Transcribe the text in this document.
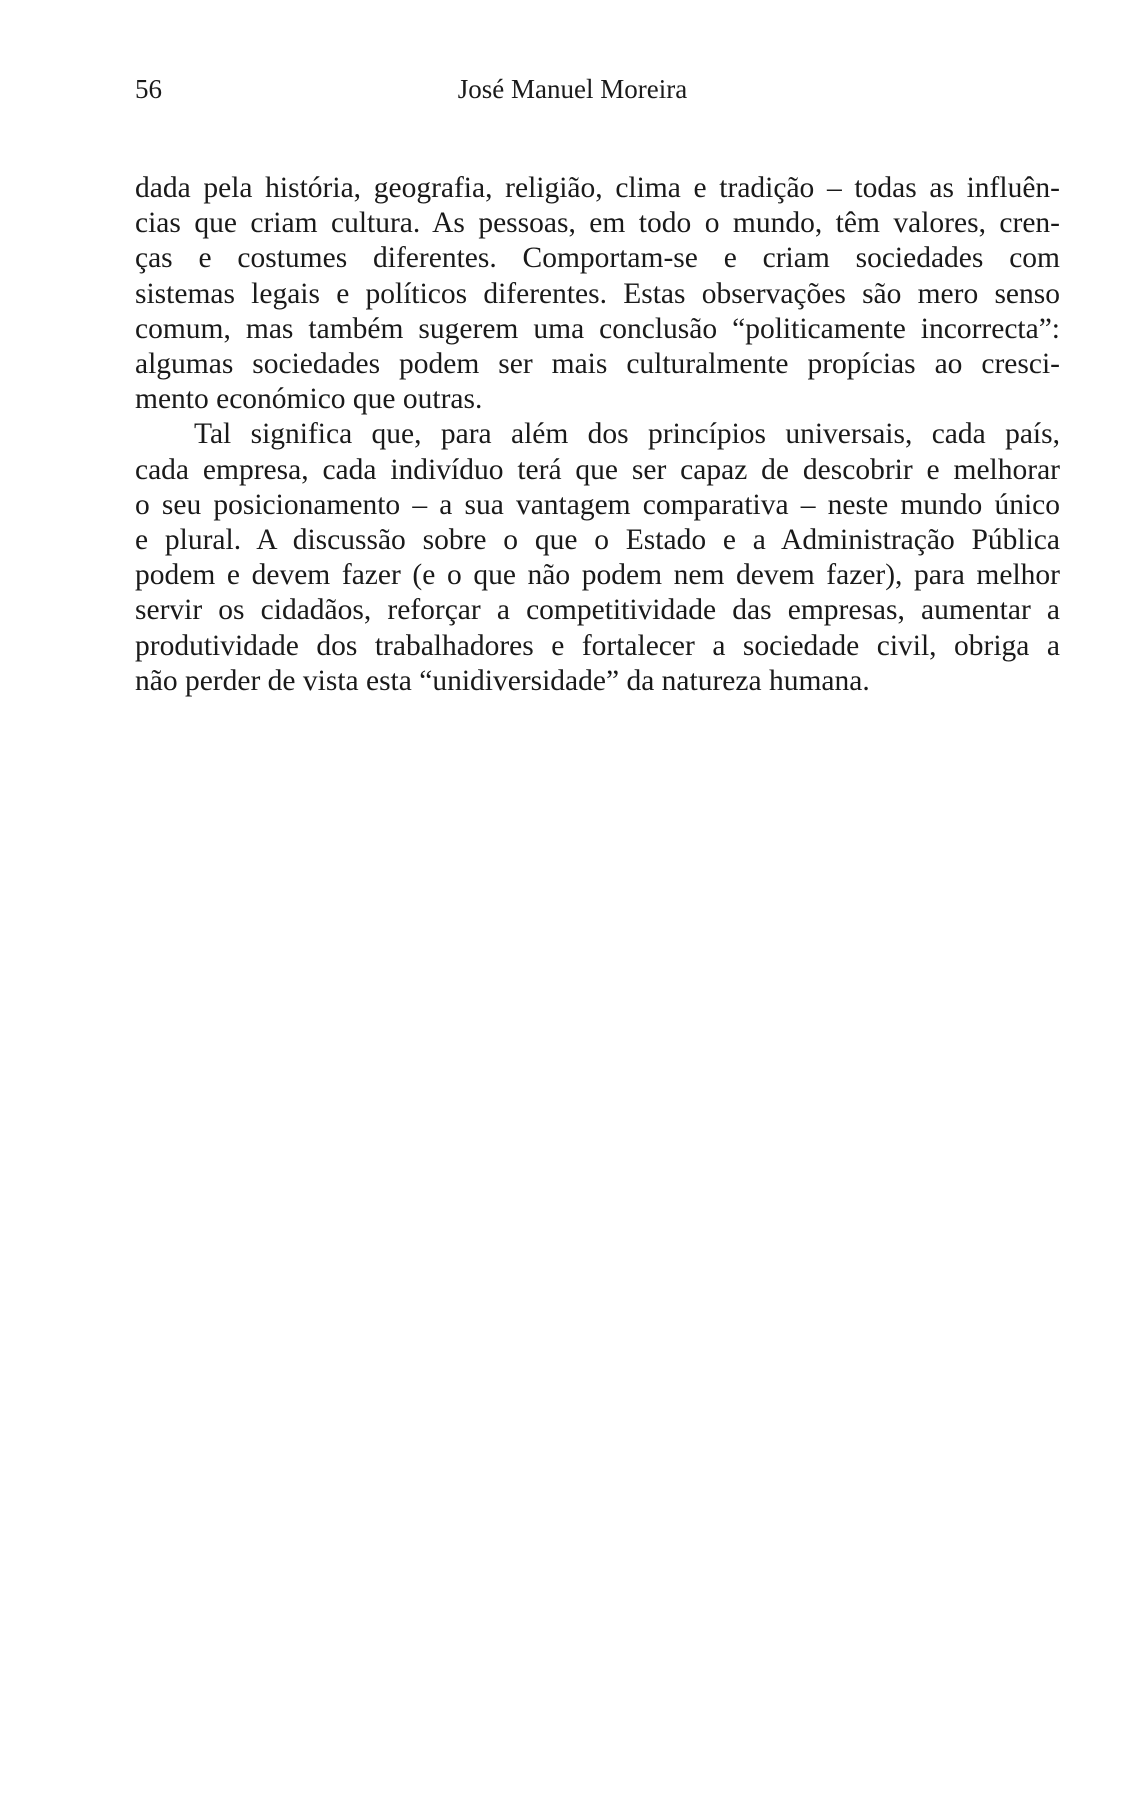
56	José Manuel Moreira

dada pela história, geografia, religião, clima e tradição – todas as influên-
cias que criam cultura. As pessoas, em todo o mundo, têm valores, cren-
ças e costumes diferentes. Comportam-se e criam sociedades com
sistemas legais e políticos diferentes. Estas observações são mero senso
comum, mas também sugerem uma conclusão “politicamente incorrecta”:
algumas sociedades podem ser mais culturalmente propícias ao cresci-
mento económico que outras.

Tal significa que, para além dos princípios universais, cada país,
cada empresa, cada indivíduo terá que ser capaz de descobrir e melhorar
o seu posicionamento – a sua vantagem comparativa – neste mundo único
e plural. A discussão sobre o que o Estado e a Administração Pública
podem e devem fazer (e o que não podem nem devem fazer), para melhor
servir os cidadãos, reforçar a competitividade das empresas, aumentar a
produtividade dos trabalhadores e fortalecer a sociedade civil, obriga a
não perder de vista esta “unidiversidade” da natureza humana.
